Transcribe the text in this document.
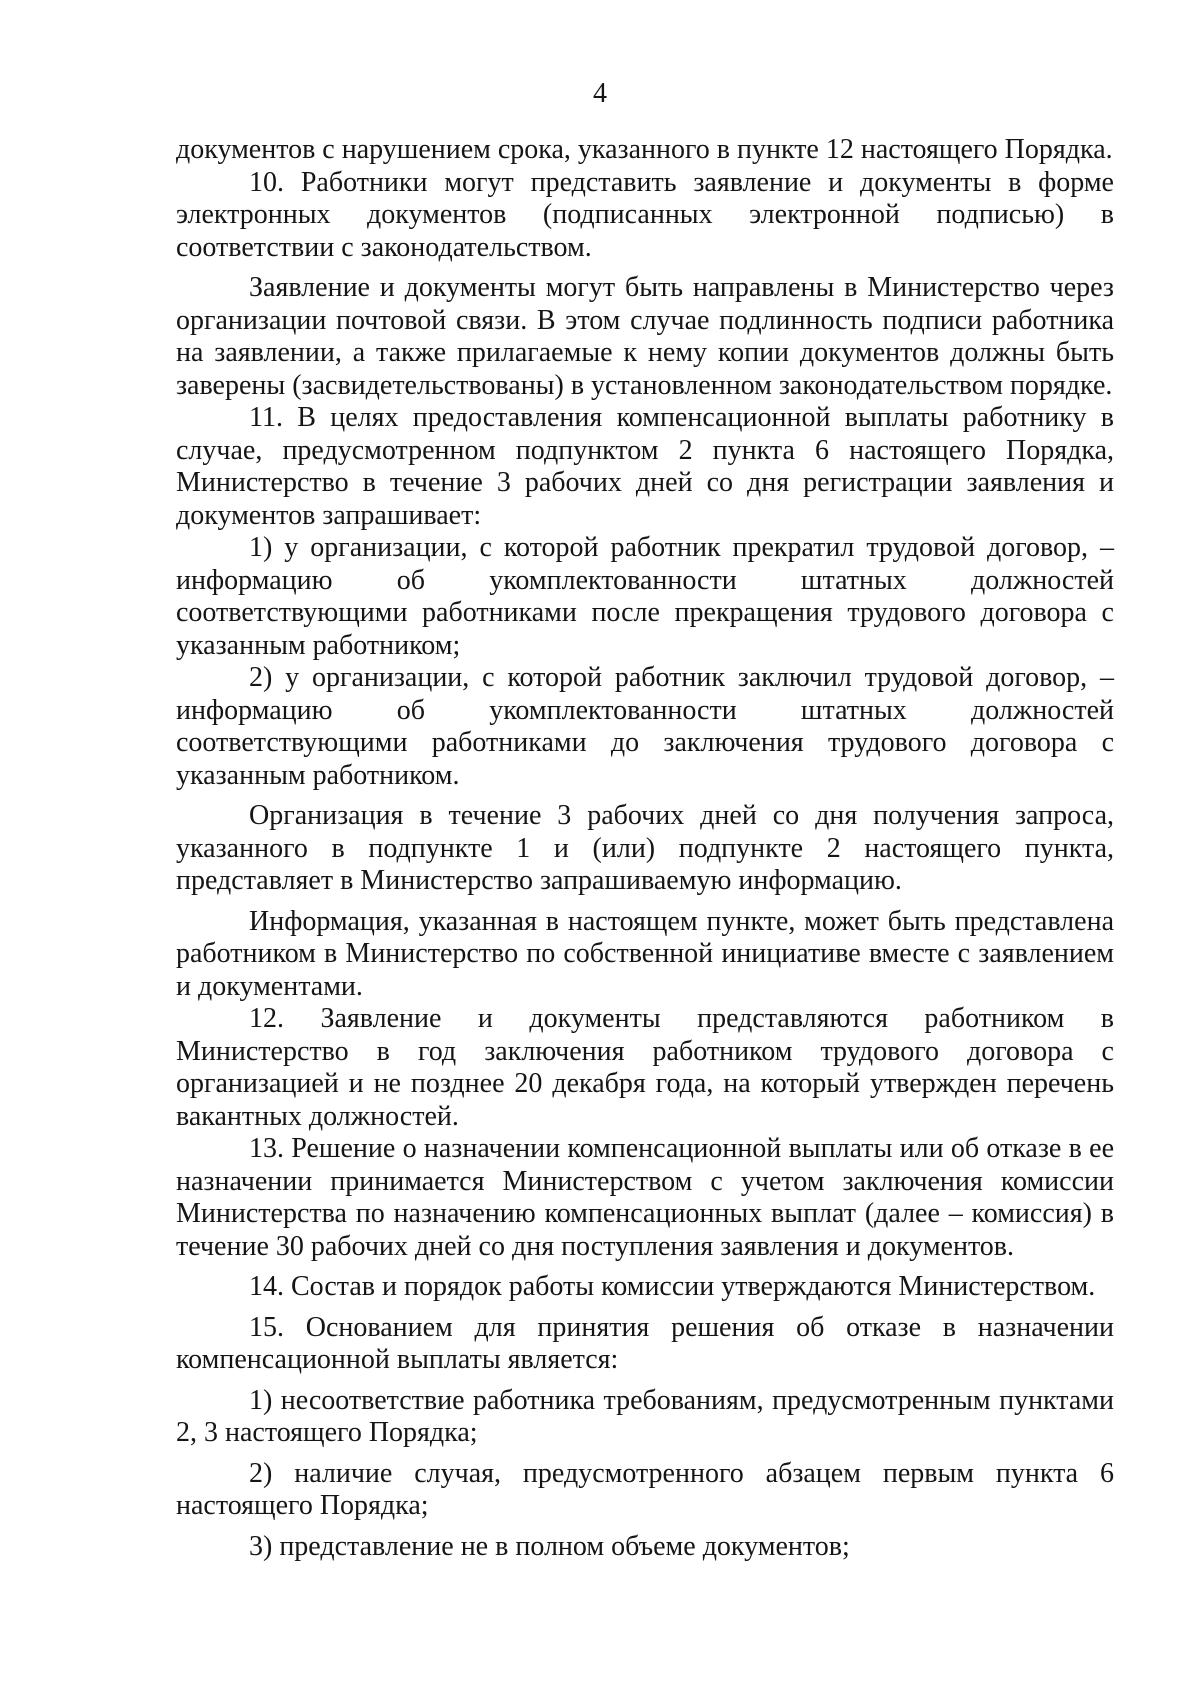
4

документов с нарушением срока, указанного в пункте 12 настоящего Порядка.

10. Работники могут представить заявление и документы в форме электронных документов (подписанных электронной подписью) в соответствии с законодательством.

Заявление и документы могут быть направлены в Министерство через организации почтовой связи. В этом случае подлинность подписи работника на заявлении, а также прилагаемые к нему копии документов должны быть заверены (засвидетельствованы) в установленном законодательством порядке.

11. В целях предоставления компенсационной выплаты работнику в случае, предусмотренном подпунктом 2 пункта 6 настоящего Порядка, Министерство в течение 3 рабочих дней со дня регистрации заявления и документов запрашивает:

1) у организации, с которой работник прекратил трудовой договор, – информацию об укомплектованности штатных должностей соответствующими работниками после прекращения трудового договора с указанным работником;

2) у организации, с которой работник заключил трудовой договор, – информацию об укомплектованности штатных должностей соответствующими работниками до заключения трудового договора с указанным работником.

Организация в течение 3 рабочих дней со дня получения запроса, указанного в подпункте 1 и (или) подпункте 2 настоящего пункта, представляет в Министерство запрашиваемую информацию.

Информация, указанная в настоящем пункте, может быть представлена работником в Министерство по собственной инициативе вместе с заявлением и документами.

12. Заявление и документы представляются работником в Министерство в год заключения работником трудового договора с организацией и не позднее 20 декабря года, на который утвержден перечень вакантных должностей.

13. Решение о назначении компенсационной выплаты или об отказе в ее назначении принимается Министерством с учетом заключения комиссии Министерства по назначению компенсационных выплат (далее – комиссия) в течение 30 рабочих дней со дня поступления заявления и документов.

14. Состав и порядок работы комиссии утверждаются Министерством.

15. Основанием для принятия решения об отказе в назначении компенсационной выплаты является:

1) несоответствие работника требованиям, предусмотренным пунктами 2, 3 настоящего Порядка;

2) наличие случая, предусмотренного абзацем первым пункта 6 настоящего Порядка;

3) представление не в полном объеме документов;
